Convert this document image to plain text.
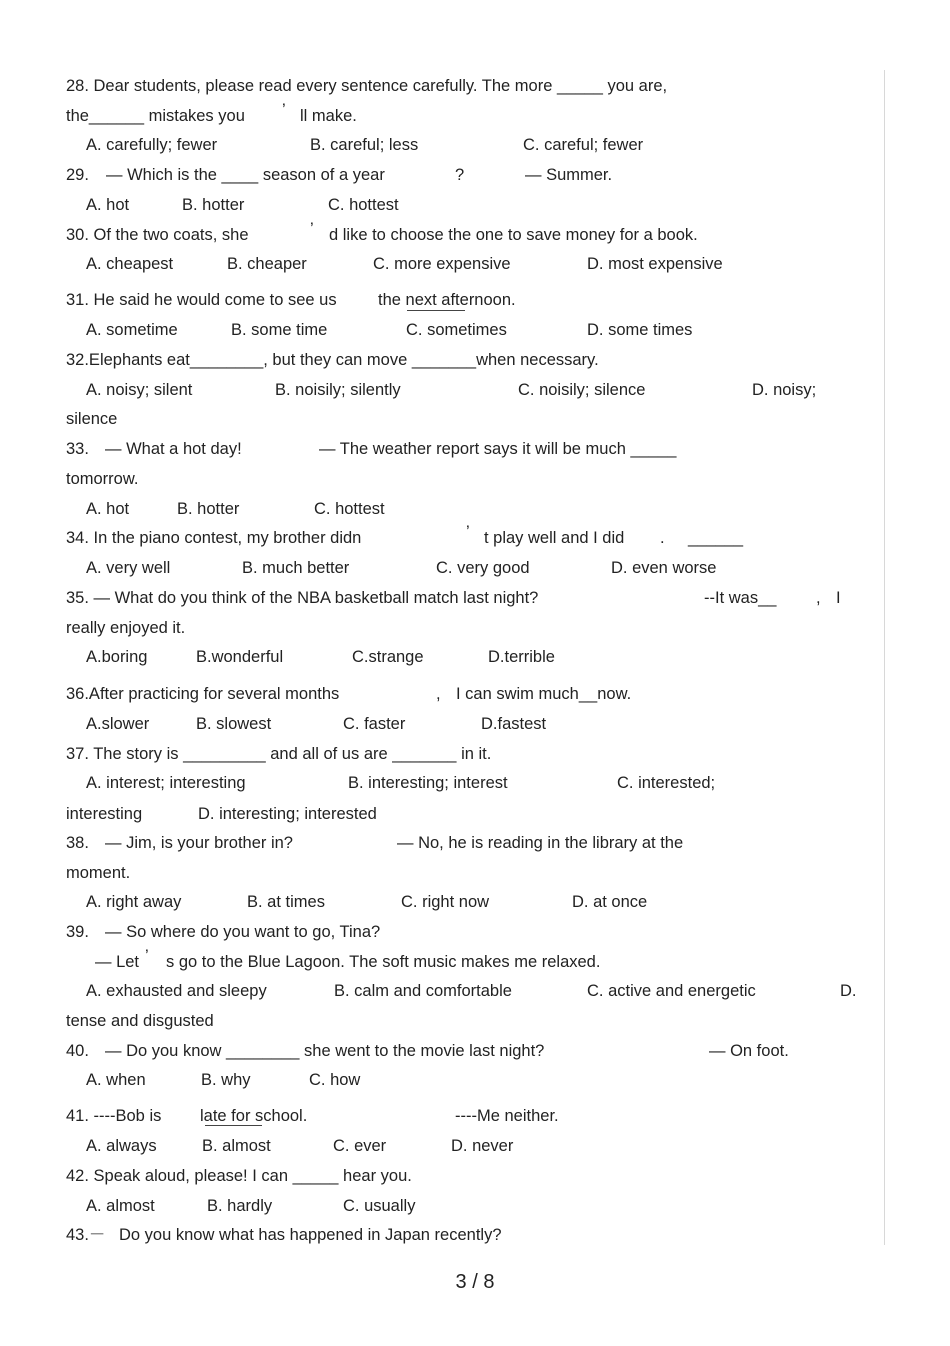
28. Dear students, please read every sentence carefully. The more _____ you are,
the______ mistakes you ’ ll make.
A. carefully; fewer	B. careful; less	C. careful; fewer
29. — Which is the ____ season of a year	?	— Summer.
A. hot	B. hotter	C. hottest
30. Of the two coats, she	’ d like to choose the one to save money for a book.
A. cheapest	B. cheaper	C. more expensive	D. most expensive
31. He said he would come to see us	the next afternoon.
A. sometime	B. some time	C. sometimes	D. some times
32.Elephants eat________, but they can move _______when necessary.
A. noisy; silent	B. noisily; silently	C. noisily; silence	D. noisy;
silence
33. — What a hot day!	— The weather report says it will be much _____
tomorrow.
A. hot	B. hotter	C. hottest
34. In the piano contest, my brother didn	’ t play well and I did . ______
A. very well	B. much better	C. very good	D. even worse
35. — What do you think of the NBA basketball match last night?	--It was__ , I
really enjoyed it.
A.boring	B.wonderful	C.strange	D.terrible
36.After practicing for several months	, I can swim much__now.
A.slower	B. slowest	C. faster	D.fastest
37. The story is _________ and all of us are _______ in it.
A. interest; interesting	B. interesting; interest	C. interested;
interesting	D. interesting; interested
38. — Jim, is your brother in?	— No, he is reading in the library at the
moment.
A. right away	B. at times	C. right now	D. at once
39. — So where do you want to go, Tina?
— Let ’ s go to the Blue Lagoon. The soft music makes me relaxed.
A. exhausted and sleepy	B. calm and comfortable	C. active and energetic	D.
tense and disgusted
40. — Do you know ________ she went to the movie last night?	— On foot.
A. when	B. why	C. how
41. ----Bob is late for school.	----Me neither.
A. always	B. almost	C. ever	D. never
42. Speak aloud, please! I can _____ hear you.
A. almost	B. hardly	C. usually
43.－ Do you know what has happened in Japan recently?
3 / 8
